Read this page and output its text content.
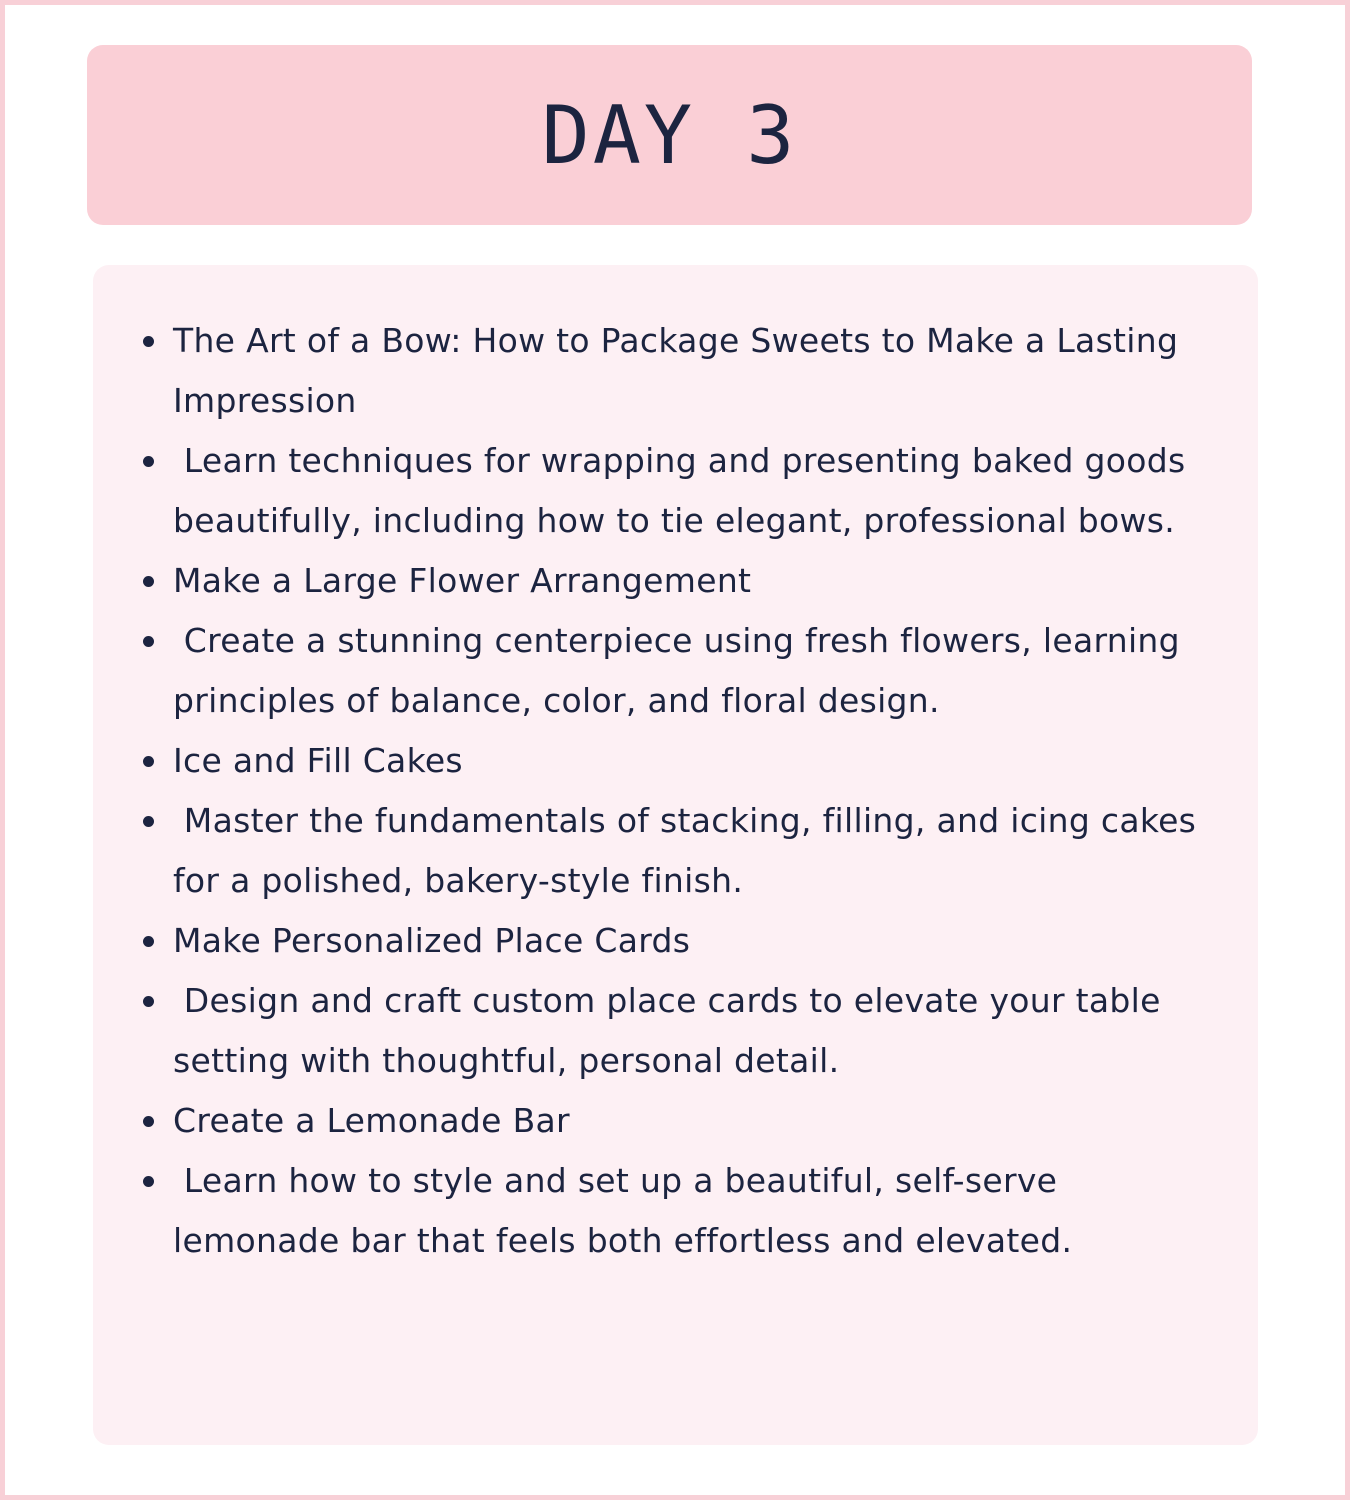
DAY 3
The Art of a Bow: How to Package Sweets to Make a Lasting Impression
Learn techniques for wrapping and presenting baked goods beautifully, including how to tie elegant, professional bows.
Make a Large Flower Arrangement
Create a stunning centerpiece using fresh flowers, learning principles of balance, color, and floral design.
Ice and Fill Cakes
Master the fundamentals of stacking, filling, and icing cakes for a polished, bakery-style finish.
Make Personalized Place Cards
Design and craft custom place cards to elevate your table setting with thoughtful, personal detail.
Create a Lemonade Bar
Learn how to style and set up a beautiful, self-serve lemonade bar that feels both effortless and elevated.
